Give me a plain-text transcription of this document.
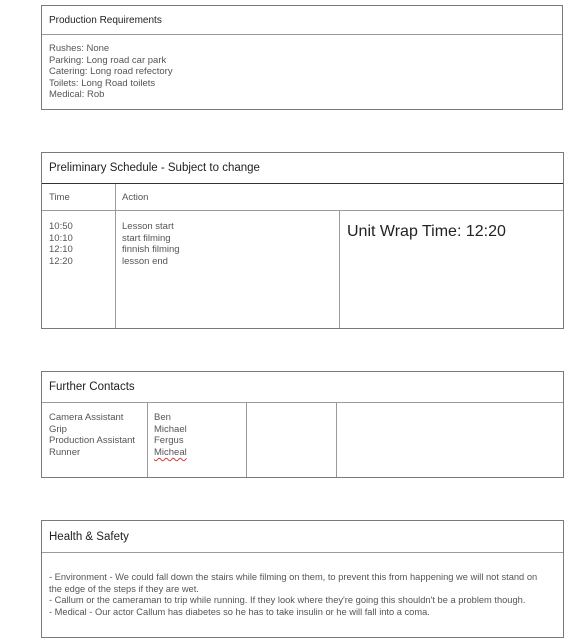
Production Requirements
Rushes: None
Parking: Long road car park
Catering: Long road refectory
Toilets: Long Road toilets
Medical: Rob
Preliminary Schedule - Subject to change
Time	Action
10:50
10:10
12:10
12:20
Lesson start
start filming
finnish filming
lesson end
Unit Wrap Time: 12:20
Further Contacts
Camera Assistant
Grip
Production Assistant
Runner
Ben
Michael
Fergus
Micheal
Health & Safety
- Environment - We could fall down the stairs while filming on them, to prevent this from happening we will not stand on
the edge of the steps if they are wet.
- Callum or the cameraman to trip while running. If they look where they're going this shouldn't be a problem though.
- Medical - Our actor Callum has diabetes so he has to take insulin or he will fall into a coma.
